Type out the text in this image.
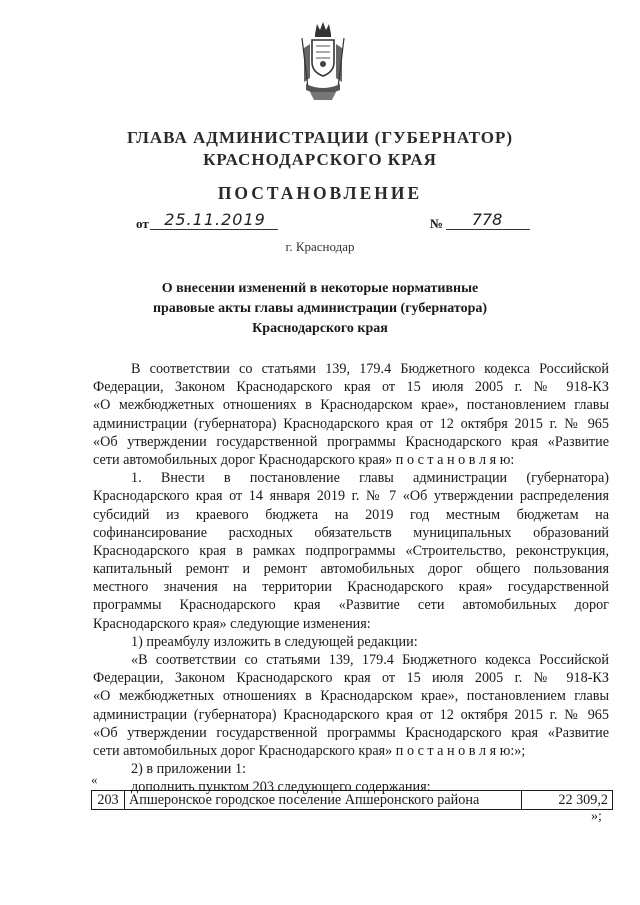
ГЛАВА АДМИНИСТРАЦИИ (ГУБЕРНАТОР)
КРАСНОДАРСКОГО КРАЯ
ПОСТАНОВЛЕНИЕ
от 25.11.2019	№	778
г. Краснодар
О внесении изменений в некоторые нормативные
правовые акты главы администрации (губернатора)
Краснодарского края
В соответствии со статьями 139, 179.4 Бюджетного кодекса Российской
Федерации, Законом Краснодарского края от 15 июля 2005 г. № 918-КЗ
«О межбюджетных отношениях в Краснодарском крае», постановлением главы
администрации (губернатора) Краснодарского края от 12 октября 2015 г. № 965
«Об утверждении государственной программы Краснодарского края «Развитие
сети автомобильных дорог Краснодарского края» п о с т а н о в л я ю:
1. Внести в постановление главы администрации (губернатора)
Краснодарского края от 14 января 2019 г. № 7 «Об утверждении распределения
субсидий из краевого бюджета на 2019 год местным бюджетам на
софинансирование расходных обязательств муниципальных образований
Краснодарского края в рамках подпрограммы «Строительство, реконструкция,
капитальный ремонт и ремонт автомобильных дорог общего пользования
местного значения на территории Краснодарского края» государственной
программы Краснодарского края «Развитие сети автомобильных дорог
Краснодарского края» следующие изменения:
1) преамбулу изложить в следующей редакции:
«В соответствии со статьями 139, 179.4 Бюджетного кодекса Российской
Федерации, Законом Краснодарского края от 15 июля 2005 г. № 918-КЗ
«О межбюджетных отношениях в Краснодарском крае», постановлением главы
администрации (губернатора) Краснодарского края от 12 октября 2015 г. № 965
«Об утверждении государственной программы Краснодарского края «Развитие
сети автомобильных дорог Краснодарского края» п о с т а н о в л я ю:»;
2) в приложении 1:
дополнить пунктом 203 следующего содержания:
«
203	Апшеронское городское поселение Апшеронского района	22 309,2
»;
